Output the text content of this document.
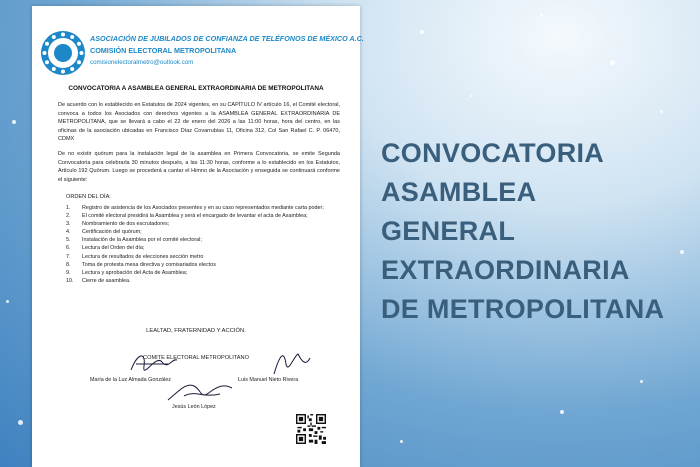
ASOCIACIÓN DE JUBILADOS DE CONFIANZA DE TELÉFONOS DE MÉXICO A.C.
COMISIÓN ELECTORAL METROPOLITANA
comisionelectoralmetro@outlook.com
CONVOCATORIA A ASAMBLEA GENERAL EXTRAORDINARIA DE METROPOLITANA
De acuerdo con lo establecido en Estatutos de 2024 vigentes, en su CAPÍTULO IV artículo 16, el Comité electoral, convoca a todos los Asociados con derechos vigentes a la ASAMBLEA GENERAL EXTRAORDINARIA DE METROPOLITANA, que se llevará a cabo el 22 de enero del 2026 a las 11:00 horas, hora del centro, en las oficinas de la asociación ubicadas en Francisco Díaz Covarrubias 11, Oficina 312, Col San Rafael C. P. 06470, CDMX
De no existir quórum para la instalación legal de la asamblea en Primera Convocatoria, se emite Segunda Convocatoria para celebrarla 30 minutos después, a las 11:30 horas, conforme a lo establecido en los Estatutos, Artículo 192 Quórum. Luego se procederá a cantar el Himno de la Asociación y enseguida se continuará conforme el siguiente:
ORDEN DEL DÍA:
1.	Registro de asistencia de los Asociados presentes y en su caso representados mediante carta poder;
2.	El comité electoral presidirá la Asamblea y será el encargado de levantar el acta de Asamblea;
3.	Nombramiento de dos escrutadores;
4.	Certificación del quórum;
5.	Instalación de la Asamblea por el comité electoral;
6.	Lectura del Orden del día;
7.	Lectura de resultados de elecciones sección metro
8.	Toma de protesta mesa directiva y comisariados electos
9.	Lectura y aprobación del Acta de Asamblea;
10.	Cierre de asamblea.
LEALTAD, FRATERNIDAD Y ACCIÓN.
COMITE ELECTORAL METROPOLITANO
María de la Luz Almada González	Luis Manuel Nieto Rivera
Jesús León López
CONVOCATORIA
ASAMBLEA
GENERAL
EXTRAORDINARIA
DE METROPOLITANA
